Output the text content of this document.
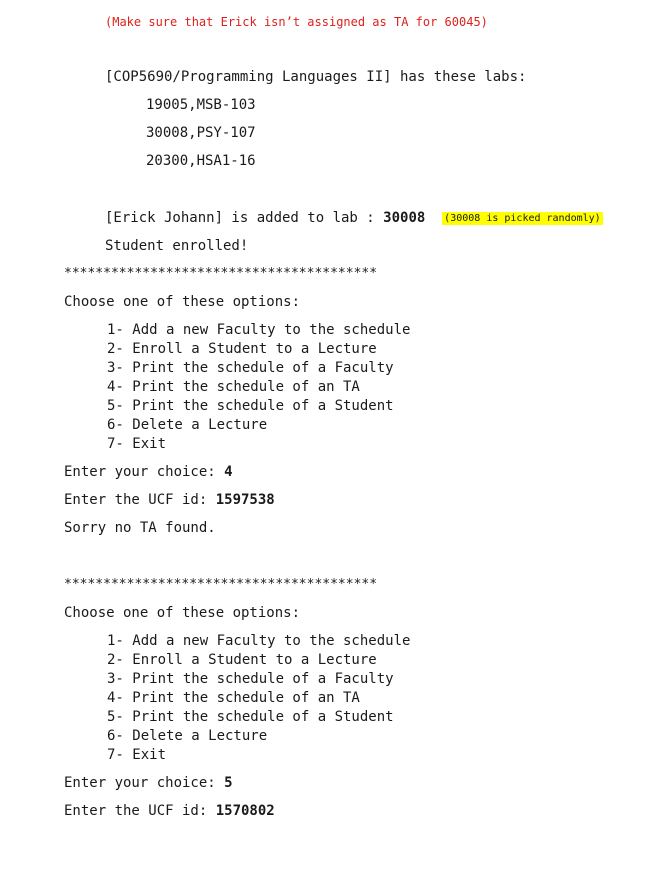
(Make sure that Erick isn’t assigned as TA for 60045)
[COP5690/Programming Languages II] has these labs:
19005,MSB-103
30008,PSY-107
20300,HSA1-16
[Erick Johann] is added to lab : 30008 (30008 is picked randomly)
Student enrolled!
****************************************
Choose one of these options:
1- Add a new Faculty to the schedule
2- Enroll a Student to a Lecture
3- Print the schedule of a Faculty
4- Print the schedule of an TA
5- Print the schedule of a Student
6- Delete a Lecture
7- Exit
Enter your choice: 4
Enter the UCF id: 1597538
Sorry no TA found.
****************************************
Choose one of these options:
1- Add a new Faculty to the schedule
2- Enroll a Student to a Lecture
3- Print the schedule of a Faculty
4- Print the schedule of an TA
5- Print the schedule of a Student
6- Delete a Lecture
7- Exit
Enter your choice: 5
Enter the UCF id: 1570802
